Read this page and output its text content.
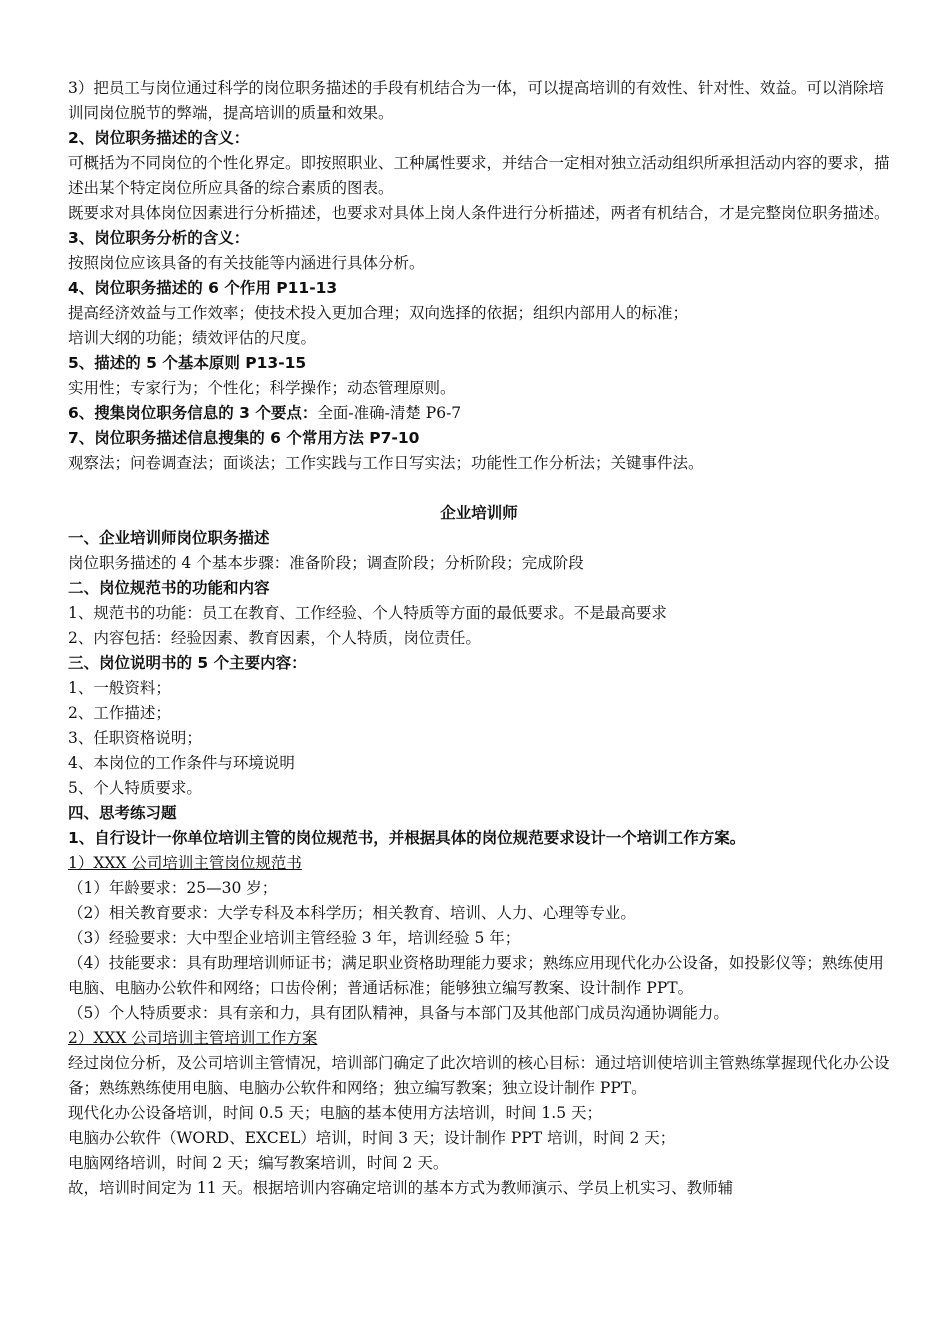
3）把员工与岗位通过科学的岗位职务描述的手段有机结合为一体，可以提高培训的有效性、针对性、效益。可以消除培训同岗位脱节的弊端，提高培训的质量和效果。

2、岗位职务描述的含义：

可概括为不同岗位的个性化界定。即按照职业、工种属性要求，并结合一定相对独立活动组织所承担活动内容的要求，描述出某个特定岗位所应具备的综合素质的图表。

既要求对具体岗位因素进行分析描述，也要求对具体上岗人条件进行分析描述，两者有机结合，才是完整岗位职务描述。

3、岗位职务分析的含义：

按照岗位应该具备的有关技能等内涵进行具体分析。

4、岗位职务描述的 6 个作用 P11-13

提高经济效益与工作效率；使技术投入更加合理；双向选择的依据；组织内部用人的标准；

培训大纲的功能；绩效评估的尺度。

5、描述的 5 个基本原则 P13-15

实用性；专家行为；个性化；科学操作；动态管理原则。

6、搜集岗位职务信息的 3 个要点：全面-准确-清楚 P6-7

7、岗位职务描述信息搜集的 6 个常用方法 P7-10

观察法；问卷调查法；面谈法；工作实践与工作日写实法；功能性工作分析法；关键事件法。

企业培训师

一、企业培训师岗位职务描述

岗位职务描述的 4 个基本步骤：准备阶段；调查阶段；分析阶段；完成阶段

二、岗位规范书的功能和内容

1、规范书的功能：员工在教育、工作经验、个人特质等方面的最低要求。不是最高要求

2、内容包括：经验因素、教育因素，个人特质，岗位责任。

三、岗位说明书的 5 个主要内容：

1、一般资料；

2、工作描述；

3、任职资格说明；

4、本岗位的工作条件与环境说明

5、个人特质要求。

四、思考练习题

1、自行设计一你单位培训主管的岗位规范书，并根据具体的岗位规范要求设计一个培训工作方案。

1）XXX 公司培训主管岗位规范书

（1）年龄要求：25—30 岁；

（2）相关教育要求：大学专科及本科学历；相关教育、培训、人力、心理等专业。

（3）经验要求：大中型企业培训主管经验 3 年，培训经验 5 年；

（4）技能要求：具有助理培训师证书；满足职业资格助理能力要求；熟练应用现代化办公设备，如投影仪等；熟练使用电脑、电脑办公软件和网络；口齿伶俐；普通话标准；能够独立编写教案、设计制作 PPT。

（5）个人特质要求：具有亲和力，具有团队精神，具备与本部门及其他部门成员沟通协调能力。

2）XXX 公司培训主管培训工作方案

经过岗位分析，及公司培训主管情况，培训部门确定了此次培训的核心目标：通过培训使培训主管熟练掌握现代化办公设备；熟练熟练使用电脑、电脑办公软件和网络；独立编写教案；独立设计制作 PPT。

现代化办公设备培训，时间 0.5 天；电脑的基本使用方法培训，时间 1.5 天；

电脑办公软件（WORD、EXCEL）培训，时间 3 天；设计制作 PPT 培训，时间 2 天；

电脑网络培训，时间 2 天；编写教案培训，时间 2 天。

故，培训时间定为 11 天。根据培训内容确定培训的基本方式为教师演示、学员上机实习、教师辅
